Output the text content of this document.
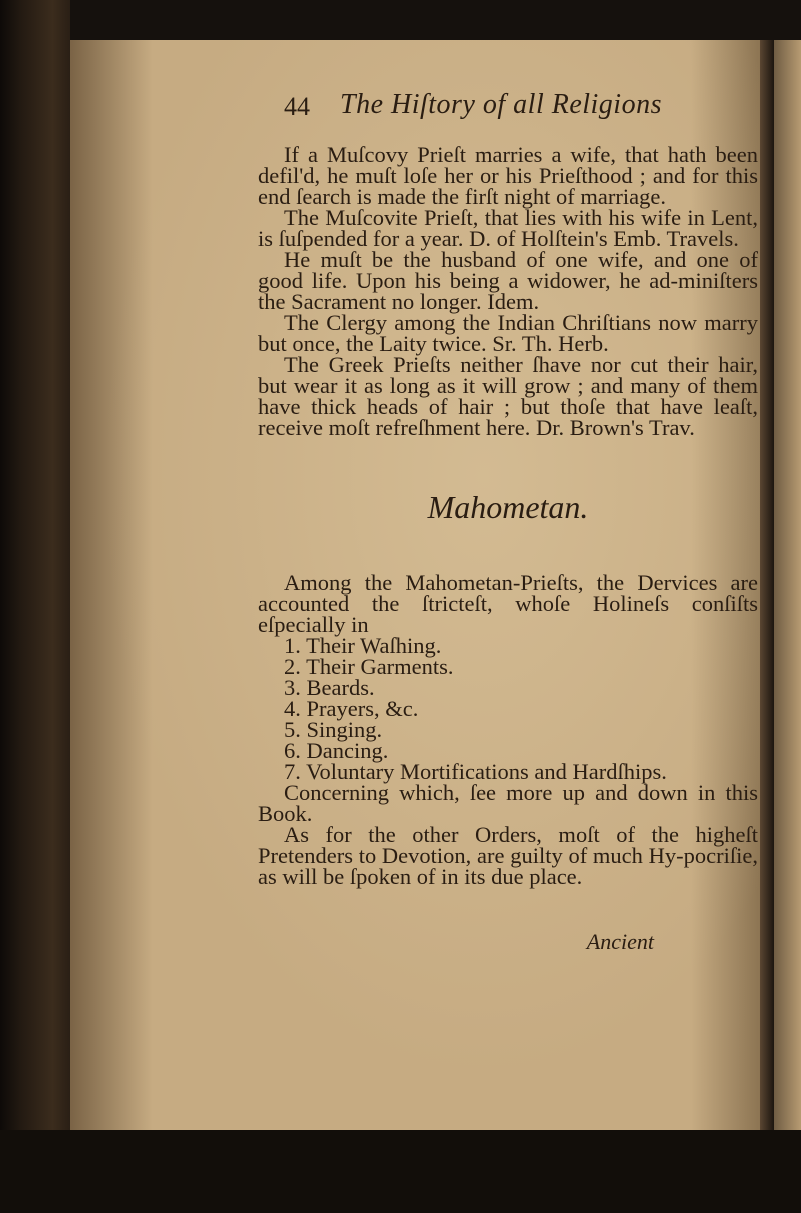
44 The Hiſtory of all Religions

If a Muſcovy Prieſt marries a wife, that hath been defil'd, he muſt loſe her or his Prieſthood ; and for this end ſearch is made the firſt night of marriage.

The Muſcovite Prieſt, that lies with his wife in Lent, is ſuſpended for a year. D. of Holſtein's Emb. Travels.

He muſt be the husband of one wife, and one of good life. Upon his being a widower, he ad-miniſters the Sacrament no longer. Idem.

The Clergy among the Indian Chriſtians now marry but once, the Laity twice. Sr. Th. Herb.

The Greek Prieſts neither ſhave nor cut their hair, but wear it as long as it will grow ; and many of them have thick heads of hair ; but thoſe that have leaſt, receive moſt refreſhment here. Dr. Brown's Trav.

Mahometan.

Among the Mahometan-Prieſts, the Dervices are accounted the ſtricteſt, whoſe Holineſs conſiſts eſpecially in

1. Their Waſhing.
2. Their Garments.
3. Beards.
4. Prayers, &c.
5. Singing.
6. Dancing.
7. Voluntary Mortifications and Hardſhips.

Concerning which, ſee more up and down in this Book.

As for the other Orders, moſt of the higheſt Pretenders to Devotion, are guilty of much Hy-pocriſie, as will be ſpoken of in its due place.

Ancient
